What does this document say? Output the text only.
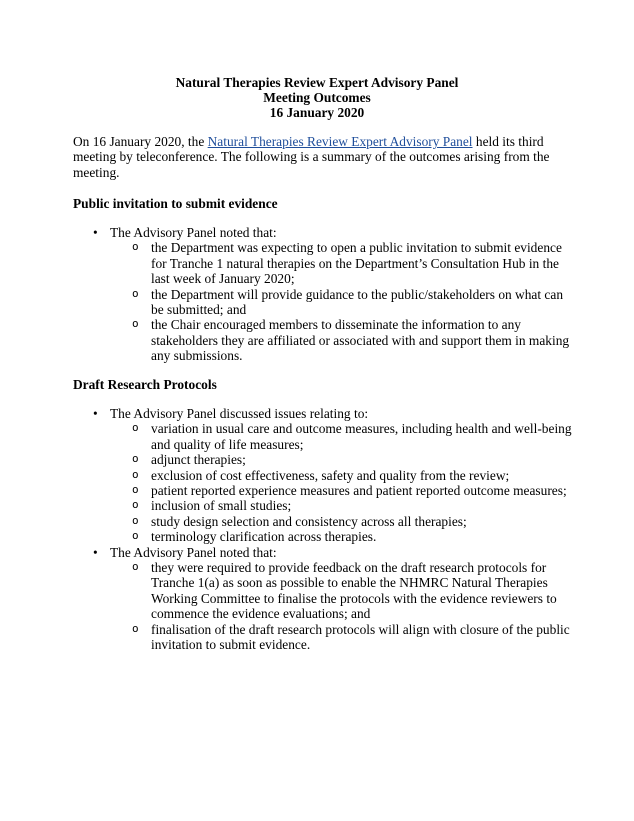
Natural Therapies Review Expert Advisory Panel
Meeting Outcomes
16 January 2020
On 16 January 2020, the Natural Therapies Review Expert Advisory Panel held its third meeting by teleconference. The following is a summary of the outcomes arising from the meeting.
Public invitation to submit evidence
• The Advisory Panel noted that:
o the Department was expecting to open a public invitation to submit evidence for Tranche 1 natural therapies on the Department’s Consultation Hub in the last week of January 2020;
o the Department will provide guidance to the public/stakeholders on what can be submitted; and
o the Chair encouraged members to disseminate the information to any stakeholders they are affiliated or associated with and support them in making any submissions.
Draft Research Protocols
• The Advisory Panel discussed issues relating to:
o variation in usual care and outcome measures, including health and well-being and quality of life measures;
o adjunct therapies;
o exclusion of cost effectiveness, safety and quality from the review;
o patient reported experience measures and patient reported outcome measures;
o inclusion of small studies;
o study design selection and consistency across all therapies;
o terminology clarification across therapies.
• The Advisory Panel noted that:
o they were required to provide feedback on the draft research protocols for Tranche 1(a) as soon as possible to enable the NHMRC Natural Therapies Working Committee to finalise the protocols with the evidence reviewers to commence the evidence evaluations; and
o finalisation of the draft research protocols will align with closure of the public invitation to submit evidence.
